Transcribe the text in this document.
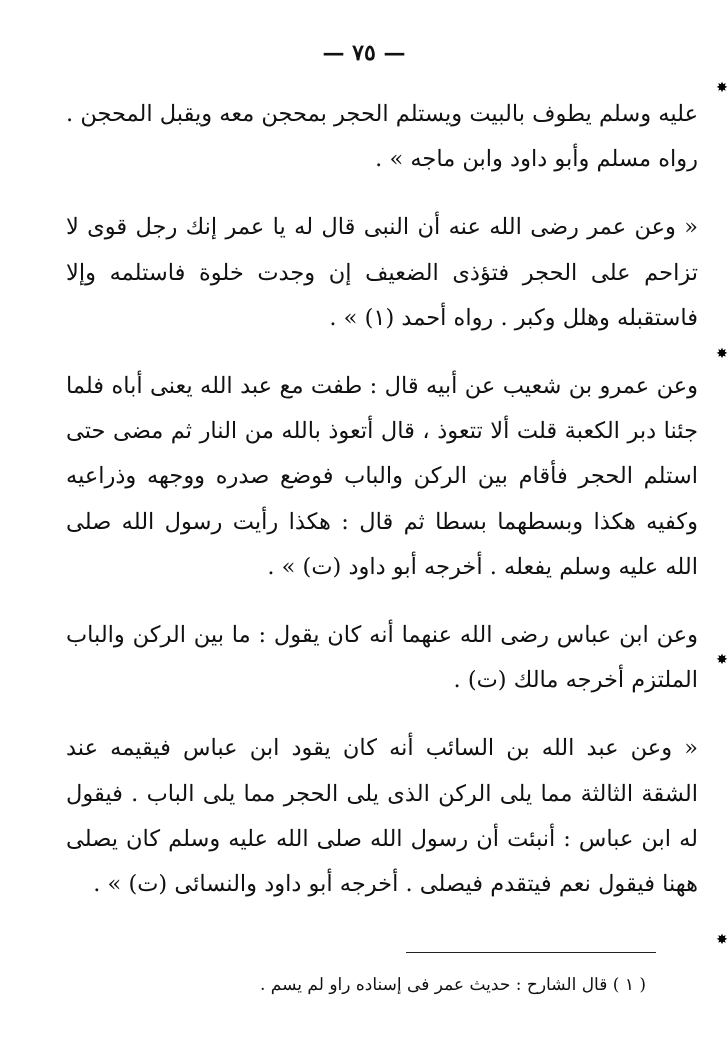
— ٧٥ —

عليه وسلم يطوف بالبيت ويستلم الحجر بمحجن معه ويقبل المحجن . رواه مسلم وأبو داود وابن ماجه » .

« وعن عمر رضى الله عنه أن النبى قال له يا عمر إنك رجل قوى لا تزاحم على الحجر فتؤذى الضعيف إن وجدت خلوة فاستلمه وإلا فاستقبله وهلل وكبر . رواه أحمد (١) » .

وعن عمرو بن شعيب عن أبيه قال : طفت مع عبد الله يعنى أباه فلما جئنا دبر الكعبة قلت ألا تتعوذ ، قال أتعوذ بالله من النار ثم مضى حتى استلم الحجر فأقام بين الركن والباب فوضع صدره ووجهه وذراعيه وكفيه هكذا وبسطهما بسطا ثم قال : هكذا رأيت رسول الله صلى الله عليه وسلم يفعله . أخرجه أبو داود (ت) » .

وعن ابن عباس رضى الله عنهما أنه كان يقول : ما بين الركن والباب الملتزم أخرجه مالك (ت) .

« وعن عبد الله بن السائب أنه كان يقود ابن عباس فيقيمه عند الشقة الثالثة مما يلى الركن الذى يلى الحجر مما يلى الباب . فيقول له ابن عباس : أنبئت أن رسول الله صلى الله عليه وسلم كان يصلى ههنا فيقول نعم فيتقدم فيصلى . أخرجه أبو داود والنسائى (ت) » .

( ١ ) قال الشارح : حديث عمر فى إسناده راو لم يسم .
✸
✸
✸
✸
